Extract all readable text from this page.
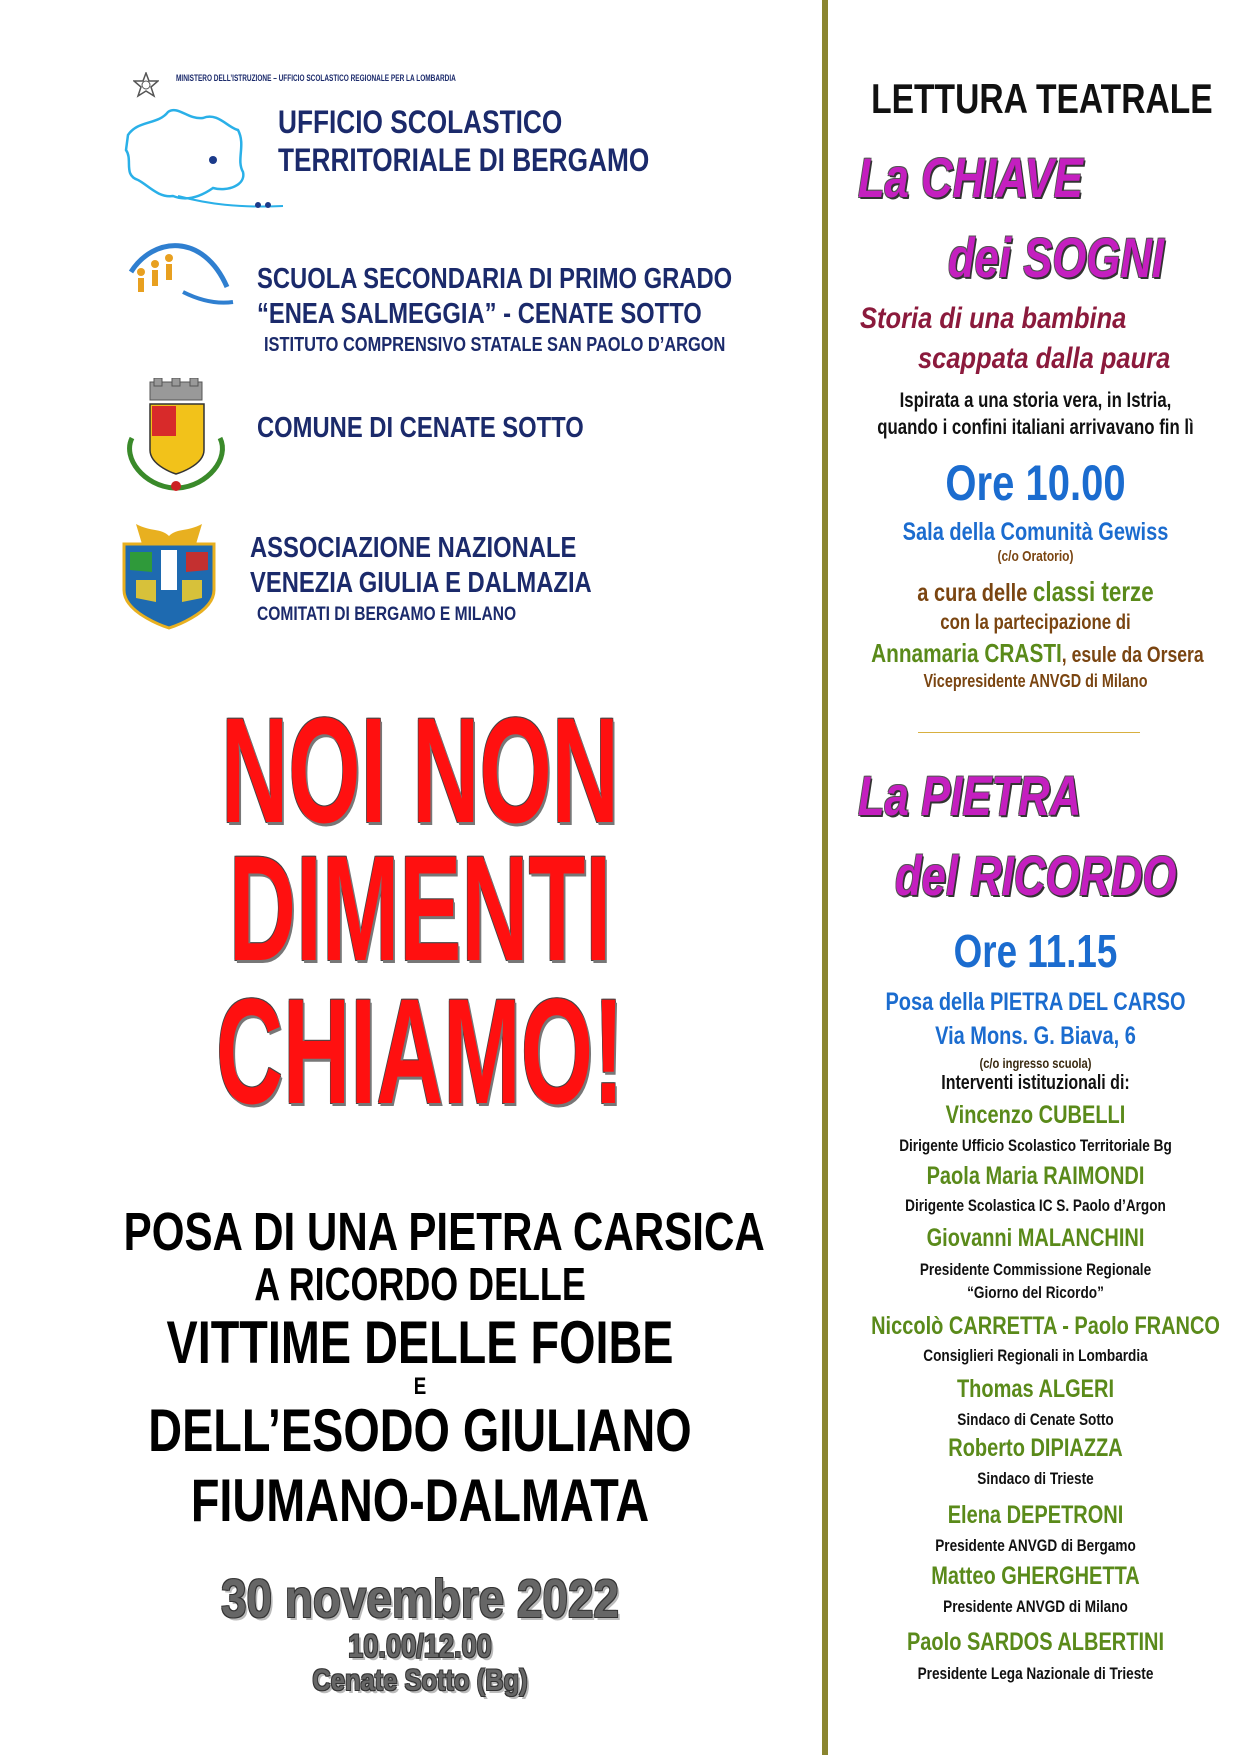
MINISTERO DELL’ISTRUZIONE – UFFICIO SCOLASTICO REGIONALE PER LA LOMBARDIA
UFFICIO SCOLASTICO
TERRITORIALE DI BERGAMO
SCUOLA SECONDARIA DI PRIMO GRADO
“ENEA SALMEGGIA” - CENATE SOTTO
ISTITUTO COMPRENSIVO STATALE SAN PAOLO D’ARGON
COMUNE DI CENATE SOTTO
ASSOCIAZIONE NAZIONALE
VENEZIA GIULIA E DALMAZIA
COMITATI DI BERGAMO E MILANO
NOI NON
DIMENTI
CHIAMO!
POSA DI UNA PIETRA CARSICA
A RICORDO DELLE
VITTIME DELLE FOIBE
E
DELL’ESODO GIULIANO
FIUMANO-DALMATA
30 novembre 2022
10.00/12.00
Cenate Sotto (Bg)
LETTURA TEATRALE
La CHIAVE
dei SOGNI
Storia di una bambina
scappata dalla paura
Ispirata a una storia vera, in Istria,
quando i confini italiani arrivavano fin lì
Ore 10.00
Sala della Comunità Gewiss
(c/o Oratorio)
a cura delle classi terze
con la partecipazione di
Annamaria CRASTI, esule da Orsera
Vicepresidente ANVGD di Milano
La PIETRA
del RICORDO
Ore 11.15
Posa della PIETRA DEL CARSO
Via Mons. G. Biava, 6
(c/o ingresso scuola)
Interventi istituzionali di:
Vincenzo CUBELLI
Dirigente Ufficio Scolastico Territoriale Bg
Paola Maria RAIMONDI
Dirigente Scolastica IC S. Paolo d’Argon
Giovanni MALANCHINI
Presidente Commissione Regionale
“Giorno del Ricordo”
Niccolò CARRETTA - Paolo FRANCO
Consiglieri Regionali in Lombardia
Thomas ALGERI
Sindaco di Cenate Sotto
Roberto DIPIAZZA
Sindaco di Trieste
Elena DEPETRONI
Presidente ANVGD di Bergamo
Matteo GHERGHETTA
Presidente ANVGD di Milano
Paolo SARDOS ALBERTINI
Presidente Lega Nazionale di Trieste
